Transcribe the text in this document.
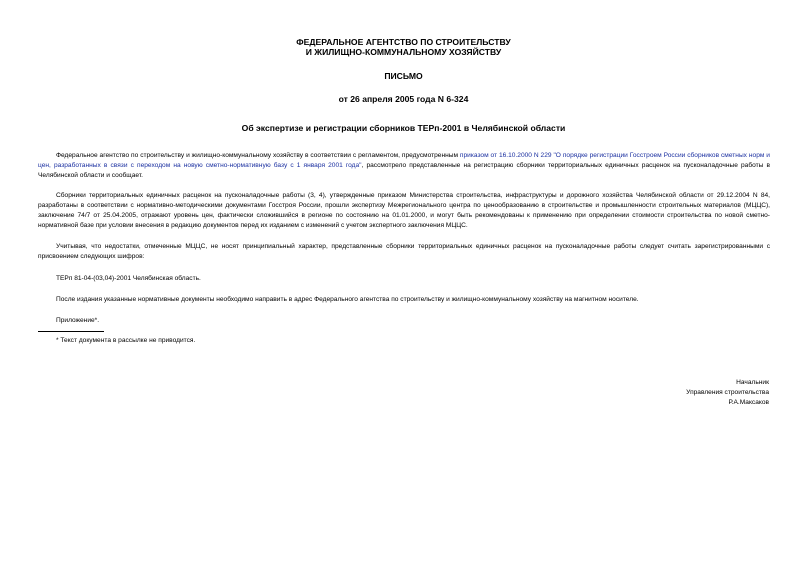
ФЕДЕРАЛЬНОЕ АГЕНТСТВО ПО СТРОИТЕЛЬСТВУ
И ЖИЛИЩНО-КОММУНАЛЬНОМУ ХОЗЯЙСТВУ
ПИСЬМО
от 26 апреля 2005 года N 6-324
Об экспертизе и регистрации сборников ТЕРп-2001 в Челябинской области
Федеральное агентство по строительству и жилищно-коммунальному хозяйству в соответствии с регламентом, предусмотренным приказом от 16.10.2000 N 229 "О порядке регистрации Госстроем России сборников сметных норм и цен, разработанных в связи с переходом на новую сметно-нормативную базу с 1 января 2001 года", рассмотрело представленные на регистрацию сборники территориальных единичных расценок на пусконаладочные работы в Челябинской области и сообщает.
Сборники территориальных единичных расценок на пусконаладочные работы (3, 4), утвержденные приказом Министерства строительства, инфраструктуры и дорожного хозяйства Челябинской области от 29.12.2004 N 84, разработаны в соответствии с нормативно-методическими документами Госстроя России, прошли экспертизу Межрегионального центра по ценообразованию в строительстве и промышленности строительных материалов (МЦЦС), заключение 74/7 от 25.04.2005, отражают уровень цен, фактически сложившийся в регионе по состоянию на 01.01.2000, и могут быть рекомендованы к применению при определении стоимости строительства по новой сметно-нормативной базе при условии внесения в редакцию документов перед их изданием с изменений с учетом экспертного заключения МЦЦС.
Учитывая, что недостатки, отмеченные МЦЦС, не носят принципиальный характер, представленные сборники территориальных единичных расценок на пусконаладочные работы следует считать зарегистрированными с присвоением следующих шифров:
ТЕРп 81-04-(03,04)-2001 Челябинская область.
После издания указанные нормативные документы необходимо направить в адрес Федерального агентства по строительству и жилищно-коммунальному хозяйству на магнитном носителе.
Приложение*.
* Текст документа в рассылке не приводится.
Начальник
Управления строительства
Р.А.Максаков
